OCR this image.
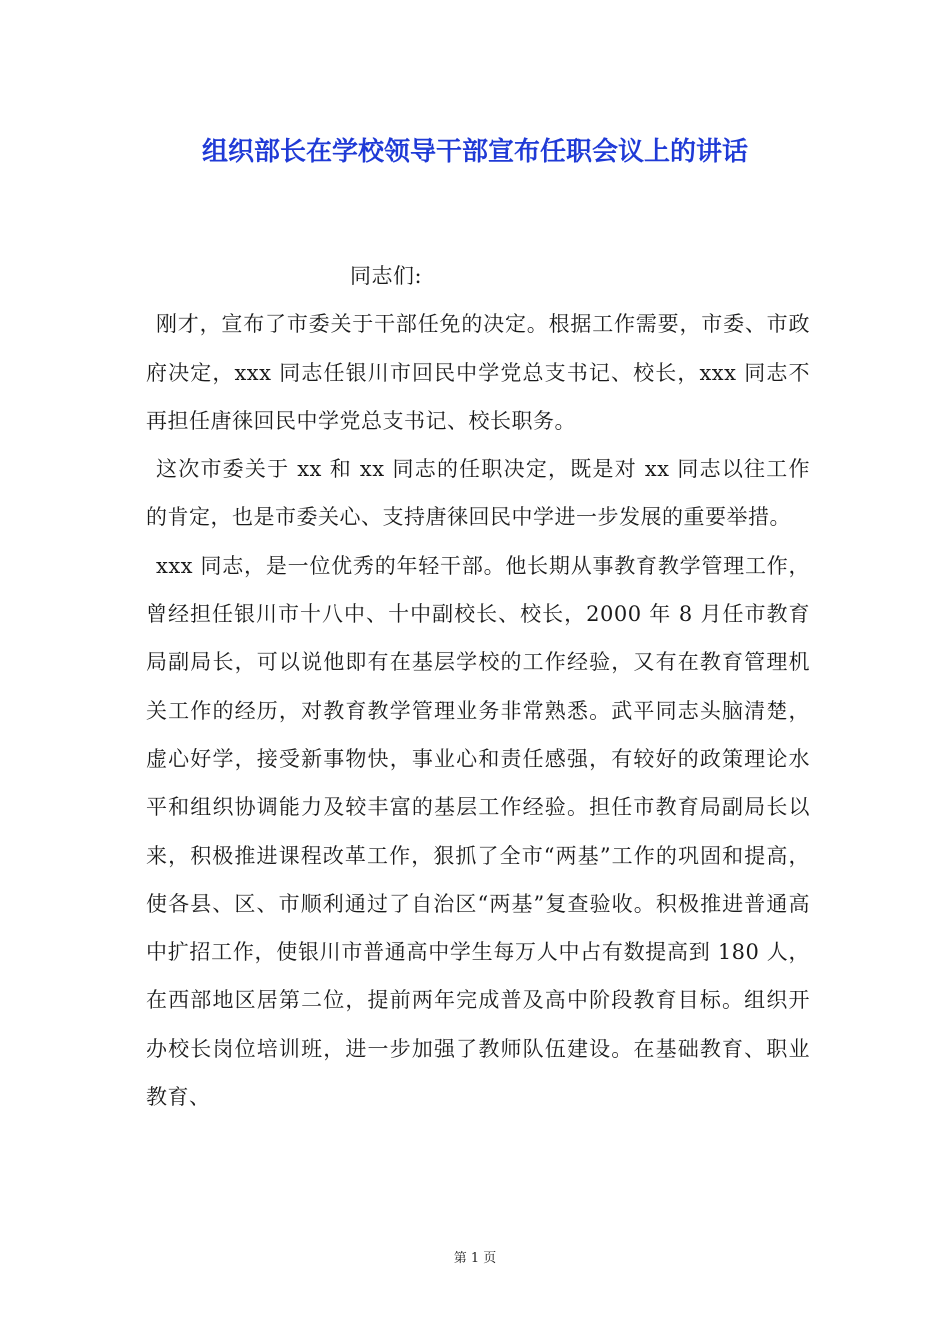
组织部长在学校领导干部宣布任职会议上的讲话

同志们:

刚才，宣布了市委关于干部任免的决定。根据工作需要，市委、市政府决定，xxx 同志任银川市回民中学党总支书记、校长，xxx 同志不再担任唐徕回民中学党总支书记、校长职务。

这次市委关于 xx 和 xx 同志的任职决定，既是对 xx 同志以往工作的肯定，也是市委关心、支持唐徕回民中学进一步发展的重要举措。

xxx 同志，是一位优秀的年轻干部。他长期从事教育教学管理工作，曾经担任银川市十八中、十中副校长、校长，2000 年 8 月任市教育局副局长，可以说他即有在基层学校的工作经验，又有在教育管理机关工作的经历，对教育教学管理业务非常熟悉。武平同志头脑清楚，虚心好学，接受新事物快，事业心和责任感强，有较好的政策理论水平和组织协调能力及较丰富的基层工作经验。担任市教育局副局长以来，积极推进课程改革工作，狠抓了全市“两基”工作的巩固和提高，使各县、区、市顺利通过了自治区“两基”复查验收。积极推进普通高中扩招工作，使银川市普通高中学生每万人中占有数提高到 180 人，在西部地区居第二位，提前两年完成普及高中阶段教育目标。组织开办校长岗位培训班，进一步加强了教师队伍建设。在基础教育、职业教育、

第 1 页
